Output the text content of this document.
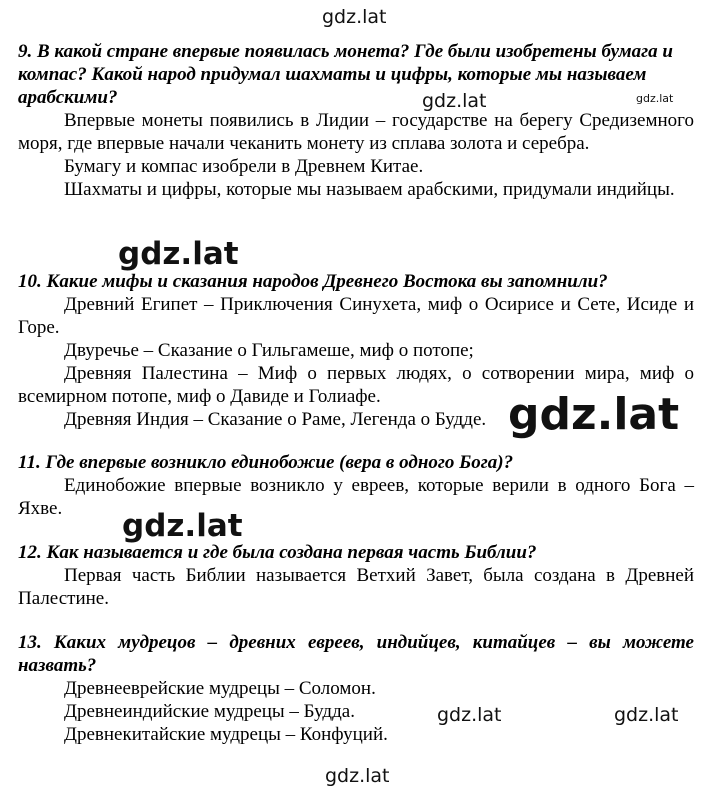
gdz.lat
gdz.lat	gdz.lat
gdz.lat
gdz.lat
gdz.lat
gdz.lat	gdz.lat
gdz.lat

9. В какой стране впервые появилась монета? Где были изобретены бумага и компас? Какой народ придумал шахматы и цифры, которые мы называем арабскими?

Впервые монеты появились в Лидии – государстве на берегу Средиземного моря, где впервые начали чеканить монету из сплава золота и серебра.

Бумагу и компас изобрели в Древнем Китае.

Шахматы и цифры, которые мы называем арабскими, придумали индийцы.

10. Какие мифы и сказания народов Древнего Востока вы запомнили?

Древний Египет – Приключения Синухета, миф о Осирисе и Сете, Исиде и Горе.

Двуречье – Сказание о Гильгамеше, миф о потопе;

Древняя Палестина – Миф о первых людях, о сотворении мира, миф о всемирном потопе, миф о Давиде и Голиафе.

Древняя Индия – Сказание о Раме, Легенда о Будде.

11. Где впервые возникло единобожие (вера в одного Бога)?

Единобожие впервые возникло у евреев, которые верили в одного Бога – Яхве.

12. Как называется и где была создана первая часть Библии?

Первая часть Библии называется Ветхий Завет, была создана в Древней Палестине.

13. Каких мудрецов – древних евреев, индийцев, китайцев – вы можете назвать?

Древнееврейские мудрецы – Соломон.

Древнеиндийские мудрецы – Будда.

Древнекитайские мудрецы – Конфуций.
